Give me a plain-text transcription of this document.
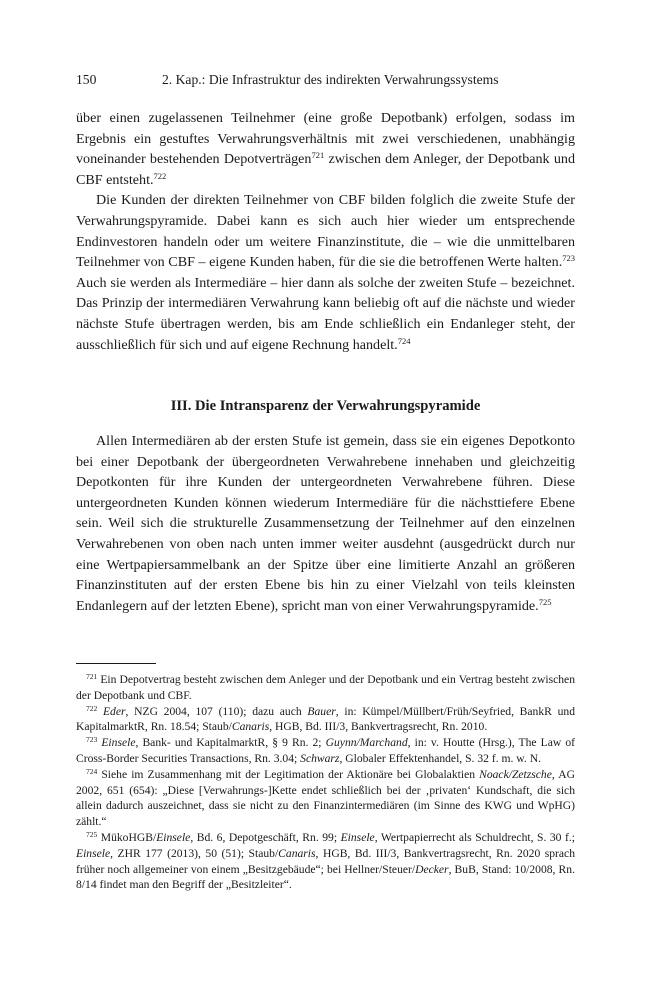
150	2. Kap.: Die Infrastruktur des indirekten Verwahrungssystems

über einen zugelassenen Teilnehmer (eine große Depotbank) erfolgen, sodass im Ergebnis ein gestuftes Verwahrungsverhältnis mit zwei verschiedenen, unabhängig voneinander bestehenden Depotverträgen$^{721}$ zwischen dem Anleger, der Depotbank und CBF entsteht.$^{722}$

Die Kunden der direkten Teilnehmer von CBF bilden folglich die zweite Stufe der Verwahrungspyramide. Dabei kann es sich auch hier wieder um entsprechende Endinvestoren handeln oder um weitere Finanzinstitute, die – wie die unmittelbaren Teilnehmer von CBF – eigene Kunden haben, für die sie die betroffenen Werte halten.$^{723}$ Auch sie werden als Intermediäre – hier dann als solche der zweiten Stufe – bezeichnet. Das Prinzip der intermediären Verwahrung kann beliebig oft auf die nächste und wieder nächste Stufe übertragen werden, bis am Ende schließlich ein Endanleger steht, der ausschließlich für sich und auf eigene Rechnung handelt.$^{724}$

III. Die Intransparenz der Verwahrungspyramide

Allen Intermediären ab der ersten Stufe ist gemein, dass sie ein eigenes Depotkonto bei einer Depotbank der übergeordneten Verwahrebene innehaben und gleichzeitig Depotkonten für ihre Kunden der untergeordneten Verwahrebene führen. Diese untergeordneten Kunden können wiederum Intermediäre für die nächsttiefere Ebene sein. Weil sich die strukturelle Zusammensetzung der Teilnehmer auf den einzelnen Verwahrebenen von oben nach unten immer weiter ausdehnt (ausgedrückt durch nur eine Wertpapiersammelbank an der Spitze über eine limitierte Anzahl an größeren Finanzinstituten auf der ersten Ebene bis hin zu einer Vielzahl von teils kleinsten Endanlegern auf der letzten Ebene), spricht man von einer Verwahrungspyramide.$^{725}$

$^{721}$ Ein Depotvertrag besteht zwischen dem Anleger und der Depotbank und ein Vertrag besteht zwischen der Depotbank und CBF.

$^{722}$ Eder, NZG 2004, 107 (110); dazu auch Bauer, in: Kümpel/Müllbert/Früh/Seyfried, BankR und KapitalmarktR, Rn. 18.54; Staub/Canaris, HGB, Bd. III/3, Bankvertragsrecht, Rn. 2010.

$^{723}$ Einsele, Bank- und KapitalmarktR, § 9 Rn. 2; Guynn/Marchand, in: v. Houtte (Hrsg.), The Law of Cross-Border Securities Transactions, Rn. 3.04; Schwarz, Globaler Effektenhandel, S. 32 f. m. w. N.

$^{724}$ Siehe im Zusammenhang mit der Legitimation der Aktionäre bei Globalaktien Noack/Zetzsche, AG 2002, 651 (654): „Diese [Verwahrungs-]Kette endet schließlich bei der ‚privaten‘ Kundschaft, die sich allein dadurch auszeichnet, dass sie nicht zu den Finanzintermediären (im Sinne des KWG und WpHG) zählt.“

$^{725}$ MükoHGB/Einsele, Bd. 6, Depotgeschäft, Rn. 99; Einsele, Wertpapierrecht als Schuldrecht, S. 30 f.; Einsele, ZHR 177 (2013), 50 (51); Staub/Canaris, HGB, Bd. III/3, Bankvertragsrecht, Rn. 2020 sprach früher noch allgemeiner von einem „Besitzgebäude“; bei Hellner/Steuer/Decker, BuB, Stand: 10/2008, Rn. 8/14 findet man den Begriff der „Besitzleiter“.
